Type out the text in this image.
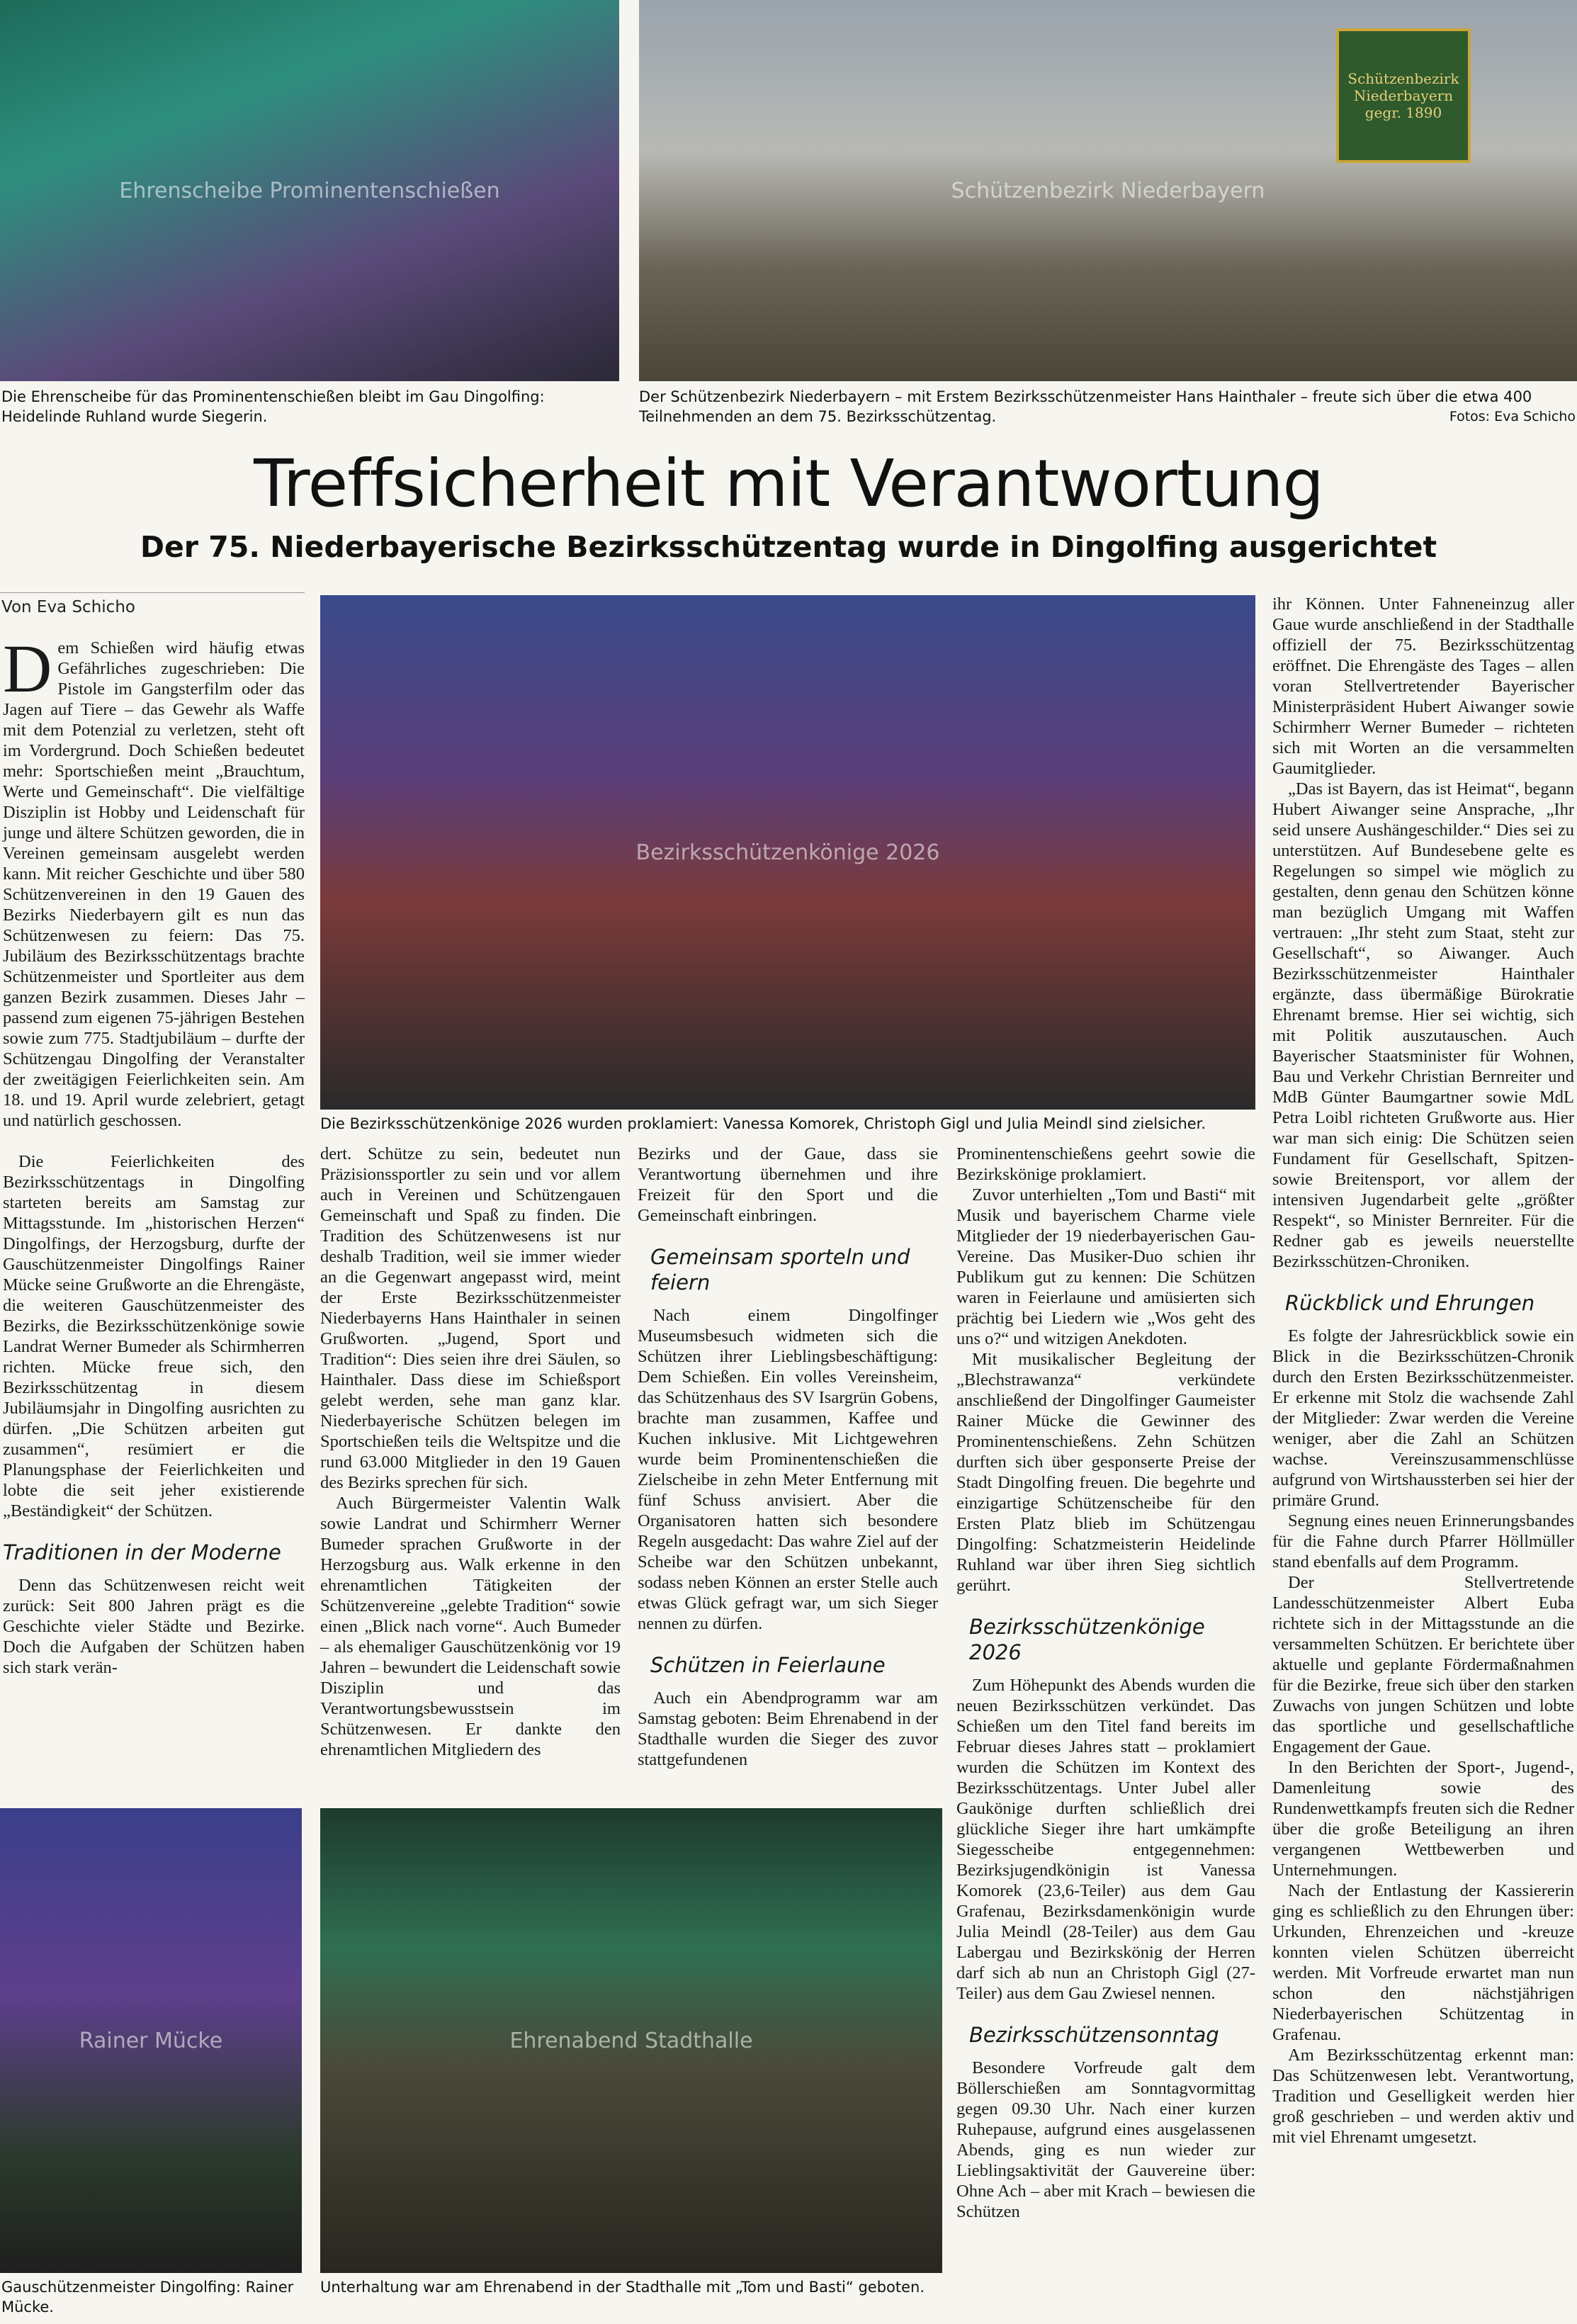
Ehrenscheibe Prominentenschießen
Schützenbezirk Niederbayern gegr. 1890
Schützenbezirk Niederbayern
Die Ehrenscheibe für das Prominentenschießen bleibt im Gau Dingolfing: Heidelinde Ruhland wurde Siegerin.
Der Schützenbezirk Niederbayern – mit Erstem Bezirksschützenmeister Hans Hainthaler – freute sich über die etwa 400 Teilnehmenden an dem 75. Bezirksschützentag.	Fotos: Eva Schicho
Treffsicherheit mit Verantwortung
Der 75. Niederbayerische Bezirksschützentag wurde in Dingolfing ausgerichtet
Von Eva Schicho
Bezirksschützenkönige 2026
Die Bezirksschützenkönige 2026 wurden proklamiert: Vanessa Komorek, Christoph Gigl und Julia Meindl sind zielsicher.

Dem Schießen wird häufig etwas Gefährliches zugeschrieben: Die Pistole im Gangsterfilm oder das Jagen auf Tiere – das Gewehr als Waffe mit dem Potenzial zu verletzen, steht oft im Vordergrund. Doch Schießen bedeutet mehr: Sportschießen meint „Brauchtum, Werte und Gemeinschaft“. Die vielfältige Disziplin ist Hobby und Leidenschaft für junge und ältere Schützen geworden, die in Vereinen gemeinsam ausgelebt werden kann. Mit reicher Geschichte und über 580 Schützenvereinen in den 19 Gauen des Bezirks Niederbayern gilt es nun das Schützenwesen zu feiern: Das 75. Jubiläum des Bezirksschützentags brachte Schützenmeister und Sportleiter aus dem ganzen Bezirk zusammen. Dieses Jahr – passend zum eigenen 75-jährigen Bestehen sowie zum 775. Stadtjubiläum – durfte der Schützengau Dingolfing der Veranstalter der zweitägigen Feierlichkeiten sein. Am 18. und 19. April wurde zelebriert, getagt und natürlich geschossen.

Die Feierlichkeiten des Bezirksschützentags in Dingolfing starteten bereits am Samstag zur Mittagsstunde. Im „historischen Herzen“ Dingolfings, der Herzogsburg, durfte der Gauschützenmeister Dingolfings Rainer Mücke seine Grußworte an die Ehrengäste, die weiteren Gauschützenmeister des Bezirks, die Bezirksschützenkönige sowie Landrat Werner Bumeder als Schirmherren richten. Mücke freue sich, den Bezirksschützentag in diesem Jubiläumsjahr in Dingolfing ausrichten zu dürfen. „Die Schützen arbeiten gut zusammen“, resümiert er die Planungsphase der Feierlichkeiten und lobte die seit jeher existierende „Beständigkeit“ der Schützen.

Traditionen in der Moderne

Denn das Schützenwesen reicht weit zurück: Seit 800 Jahren prägt es die Geschichte vieler Städte und Bezirke. Doch die Aufgaben der Schützen haben sich stark verän-

dert. Schütze zu sein, bedeutet nun Präzisionssportler zu sein und vor allem auch in Vereinen und Schützengauen Gemeinschaft und Spaß zu finden. Die Tradition des Schützenwesens ist nur deshalb Tradition, weil sie immer wieder an die Gegenwart angepasst wird, meint der Erste Bezirksschützenmeister Niederbayerns Hans Hainthaler in seinen Grußworten. „Jugend, Sport und Tradition“: Dies seien ihre drei Säulen, so Hainthaler. Dass diese im Schießsport gelebt werden, sehe man ganz klar. Niederbayerische Schützen belegen im Sportschießen teils die Weltspitze und die rund 63.000 Mitglieder in den 19 Gauen des Bezirks sprechen für sich.

Auch Bürgermeister Valentin Walk sowie Landrat und Schirmherr Werner Bumeder sprachen Grußworte in der Herzogsburg aus. Walk erkenne in den ehrenamtlichen Tätigkeiten der Schützenvereine „gelebte Tradition“ sowie einen „Blick nach vorne“. Auch Bumeder – als ehemaliger Gauschützenkönig vor 19 Jahren – bewundert die Leidenschaft sowie Disziplin und das Verantwortungsbewusstsein im Schützenwesen. Er dankte den ehrenamtlichen Mitgliedern des

Bezirks und der Gaue, dass sie Verantwortung übernehmen und ihre Freizeit für den Sport und die Gemeinschaft einbringen.

Gemeinsam sporteln und feiern

Nach einem Dingolfinger Museumsbesuch widmeten sich die Schützen ihrer Lieblingsbeschäftigung: Dem Schießen. Ein volles Vereinsheim, das Schützenhaus des SV Isargrün Gobens, brachte man zusammen, Kaffee und Kuchen inklusive. Mit Lichtgewehren wurde beim Prominentenschießen die Zielscheibe in zehn Meter Entfernung mit fünf Schuss anvisiert. Aber die Organisatoren hatten sich besondere Regeln ausgedacht: Das wahre Ziel auf der Scheibe war den Schützen unbekannt, sodass neben Können an erster Stelle auch etwas Glück gefragt war, um sich Sieger nennen zu dürfen.

Schützen in Feierlaune

Auch ein Abendprogramm war am Samstag geboten: Beim Ehrenabend in der Stadthalle wurden die Sieger des zuvor stattgefundenen

Prominentenschießens geehrt sowie die Bezirkskönige proklamiert.

Zuvor unterhielten „Tom und Basti“ mit Musik und bayerischem Charme viele Mitglieder der 19 niederbayerischen Gau-Vereine. Das Musiker-Duo schien ihr Publikum gut zu kennen: Die Schützen waren in Feierlaune und amüsierten sich prächtig bei Liedern wie „Wos geht des uns o?“ und witzigen Anekdoten.

Mit musikalischer Begleitung der „Blechstrawanza“ verkündete anschließend der Dingolfinger Gaumeister Rainer Mücke die Gewinner des Prominentenschießens. Zehn Schützen durften sich über gesponserte Preise der Stadt Dingolfing freuen. Die begehrte und einzigartige Schützenscheibe für den Ersten Platz blieb im Schützengau Dingolfing: Schatzmeisterin Heidelinde Ruhland war über ihren Sieg sichtlich gerührt.

Bezirksschützenkönige 2026

Zum Höhepunkt des Abends wurden die neuen Bezirksschützen verkündet. Das Schießen um den Titel fand bereits im Februar dieses Jahres statt – proklamiert wurden die Schützen im Kontext des Bezirksschützentags. Unter Jubel aller Gaukönige durften schließlich drei glückliche Sieger ihre hart umkämpfte Siegesscheibe entgegennehmen: Bezirksjugendkönigin ist Vanessa Komorek (23,6-Teiler) aus dem Gau Grafenau, Bezirksdamenkönigin wurde Julia Meindl (28-Teiler) aus dem Gau Labergau und Bezirkskönig der Herren darf sich ab nun an Christoph Gigl (27-Teiler) aus dem Gau Zwiesel nennen.

Bezirksschützensonntag

Besondere Vorfreude galt dem Böllerschießen am Sonntagvormittag gegen 09.30 Uhr. Nach einer kurzen Ruhepause, aufgrund eines ausgelassenen Abends, ging es nun wieder zur Lieblingsaktivität der Gauvereine über: Ohne Ach – aber mit Krach – bewiesen die Schützen

ihr Können. Unter Fahneneinzug aller Gaue wurde anschließend in der Stadthalle offiziell der 75. Bezirksschützentag eröffnet. Die Ehrengäste des Tages – allen voran Stellvertretender Bayerischer Ministerpräsident Hubert Aiwanger sowie Schirmherr Werner Bumeder – richteten sich mit Worten an die versammelten Gaumitglieder.

„Das ist Bayern, das ist Heimat“, begann Hubert Aiwanger seine Ansprache, „Ihr seid unsere Aushängeschilder.“ Dies sei zu unterstützen. Auf Bundesebene gelte es Regelungen so simpel wie möglich zu gestalten, denn genau den Schützen könne man bezüglich Umgang mit Waffen vertrauen: „Ihr steht zum Staat, steht zur Gesellschaft“, so Aiwanger. Auch Bezirksschützenmeister Hainthaler ergänzte, dass übermäßige Bürokratie Ehrenamt bremse. Hier sei wichtig, sich mit Politik auszutauschen. Auch Bayerischer Staatsminister für Wohnen, Bau und Verkehr Christian Bernreiter und MdB Günter Baumgartner sowie MdL Petra Loibl richteten Grußworte aus. Hier war man sich einig: Die Schützen seien Fundament für Gesellschaft, Spitzen- sowie Breitensport, vor allem der intensiven Jugendarbeit gelte „größter Respekt“, so Minister Bernreiter. Für die Redner gab es jeweils neuerstellte Bezirksschützen-Chroniken.

Rückblick und Ehrungen

Es folgte der Jahresrückblick sowie ein Blick in die Bezirksschützen-Chronik durch den Ersten Bezirksschützenmeister. Er erkenne mit Stolz die wachsende Zahl der Mitglieder: Zwar werden die Vereine weniger, aber die Zahl an Schützen wachse. Vereinszusammenschlüsse aufgrund von Wirtshaussterben sei hier der primäre Grund.

Segnung eines neuen Erinnerungsbandes für die Fahne durch Pfarrer Höllmüller stand ebenfalls auf dem Programm.

Der Stellvertretende Landesschützenmeister Albert Euba richtete sich in der Mittagsstunde an die versammelten Schützen. Er berichtete über aktuelle und geplante Fördermaßnahmen für die Bezirke, freue sich über den starken Zuwachs von jungen Schützen und lobte das sportliche und gesellschaftliche Engagement der Gaue.

In den Berichten der Sport-, Jugend-, Damenleitung sowie des Rundenwettkampfs freuten sich die Redner über die große Beteiligung an ihren vergangenen Wettbewerben und Unternehmungen.

Nach der Entlastung der Kassiererin ging es schließlich zu den Ehrungen über: Urkunden, Ehrenzeichen und -kreuze konnten vielen Schützen überreicht werden. Mit Vorfreude erwartet man nun schon den nächstjährigen Niederbayerischen Schützentag in Grafenau.

Am Bezirksschützentag erkennt man: Das Schützenwesen lebt. Verantwortung, Tradition und Geselligkeit werden hier groß geschrieben – und werden aktiv und mit viel Ehrenamt umgesetzt.

Rainer Mücke
Gauschützenmeister Dingolfing: Rainer Mücke.
Ehrenabend Stadthalle
Unterhaltung war am Ehrenabend in der Stadthalle mit „Tom und Basti“ geboten.
